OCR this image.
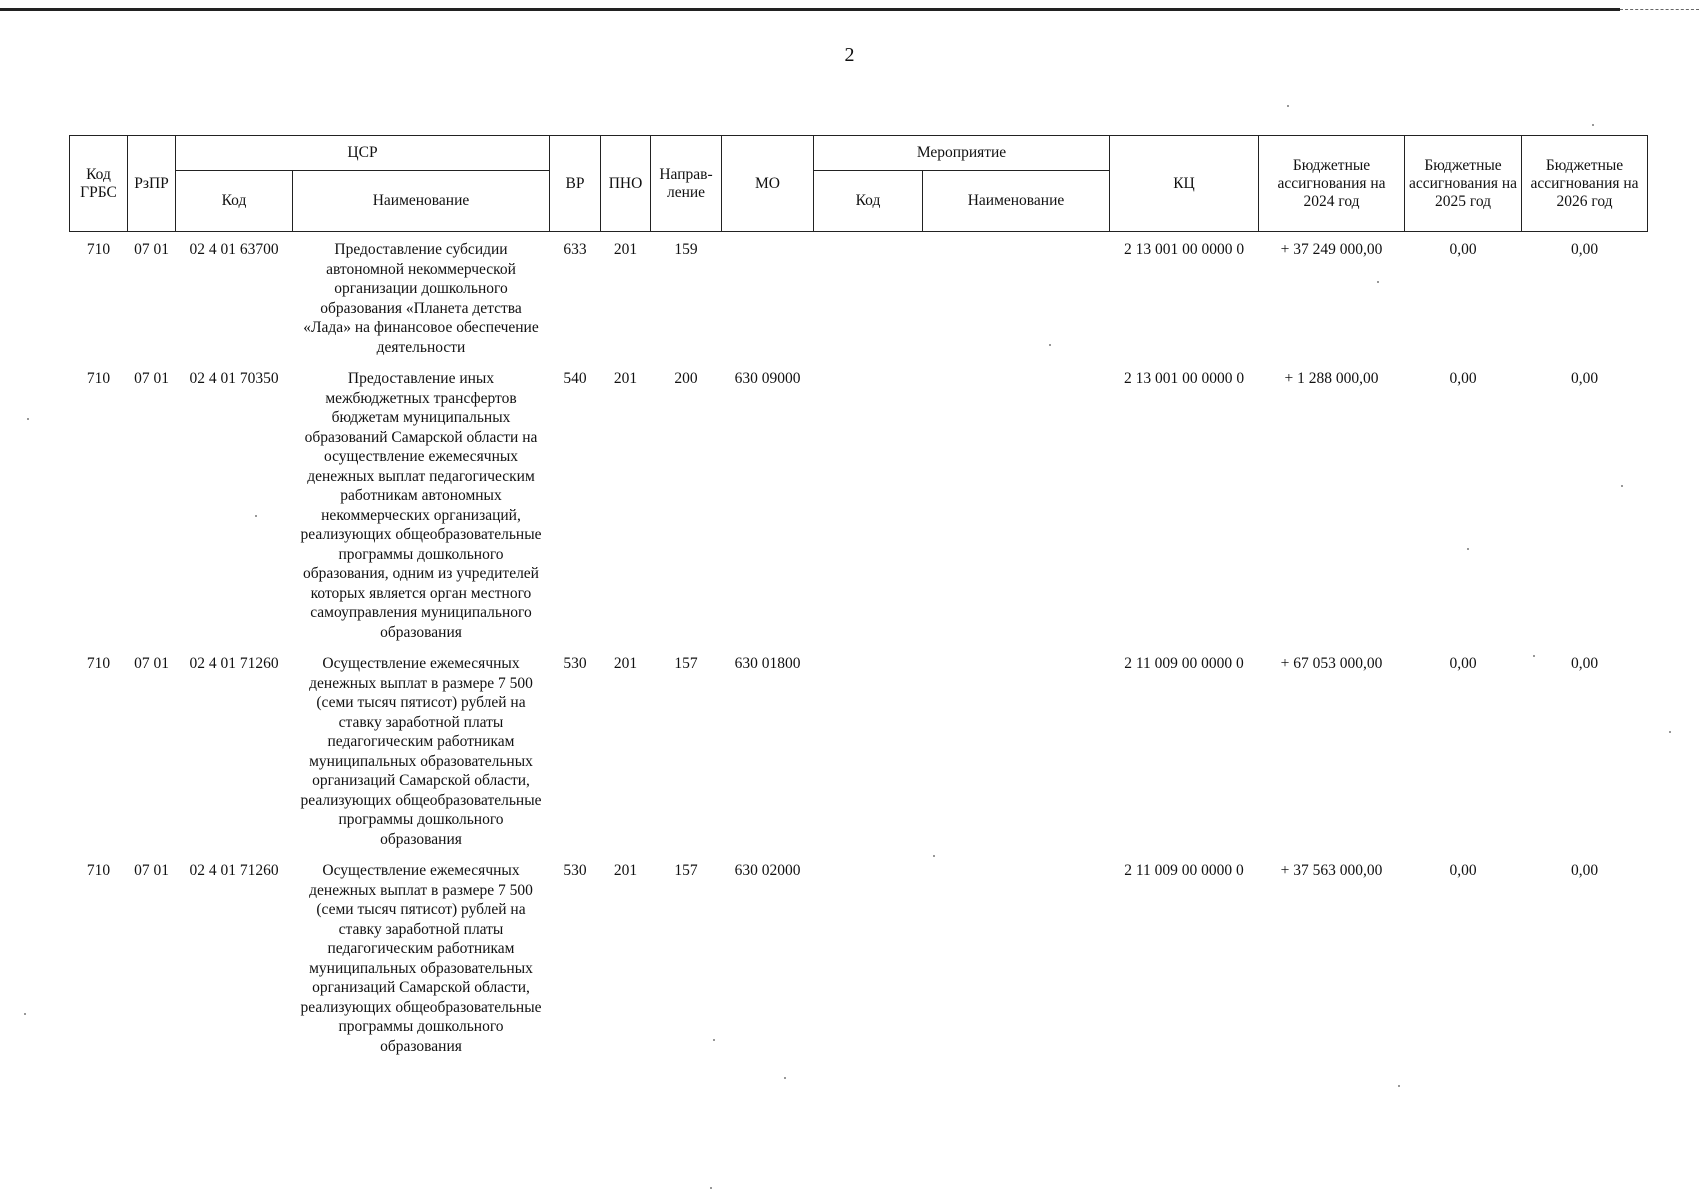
2
Код ГРБС	РзПР	ЦСР		ВР	ПНО	Направ-ление	МО	Мероприятие		КЦ	Бюджетные ассигнования на 2024 год	Бюджетные ассигнования на 2025 год	Бюджетные ассигнования на 2026 год
		Код	Наименование					Код	Наименование				
710	07 01	02 4 01 63700	Предоставление субсидии автономной некоммерческой организации дошкольного образования «Планета детства «Лада» на финансовое обеспечение деятельности	633	201	159				2 13 001 00 0000 0	+ 37 249 000,00	0,00	0,00
710	07 01	02 4 01 70350	Предоставление иных межбюджетных трансфертов бюджетам муниципальных образований Самарской области на осуществление ежемесячных денежных выплат педагогическим работникам автономных некоммерческих организаций, реализующих общеобразовательные программы дошкольного образования, одним из учредителей которых является орган местного самоуправления муниципального образования	540	201	200	630 09000			2 13 001 00 0000 0	+ 1 288 000,00	0,00	0,00
710	07 01	02 4 01 71260	Осуществление ежемесячных денежных выплат в размере 7 500 (семи тысяч пятисот) рублей на ставку заработной платы педагогическим работникам муниципальных образовательных организаций Самарской области, реализующих общеобразовательные программы дошкольного образования	530	201	157	630 01800			2 11 009 00 0000 0	+ 67 053 000,00	0,00	0,00
710	07 01	02 4 01 71260	Осуществление ежемесячных денежных выплат в размере 7 500 (семи тысяч пятисот) рублей на ставку заработной платы педагогическим работникам муниципальных образовательных организаций Самарской области, реализующих общеобразовательные программы дошкольного образования	530	201	157	630 02000			2 11 009 00 0000 0	+ 37 563 000,00	0,00	0,00
